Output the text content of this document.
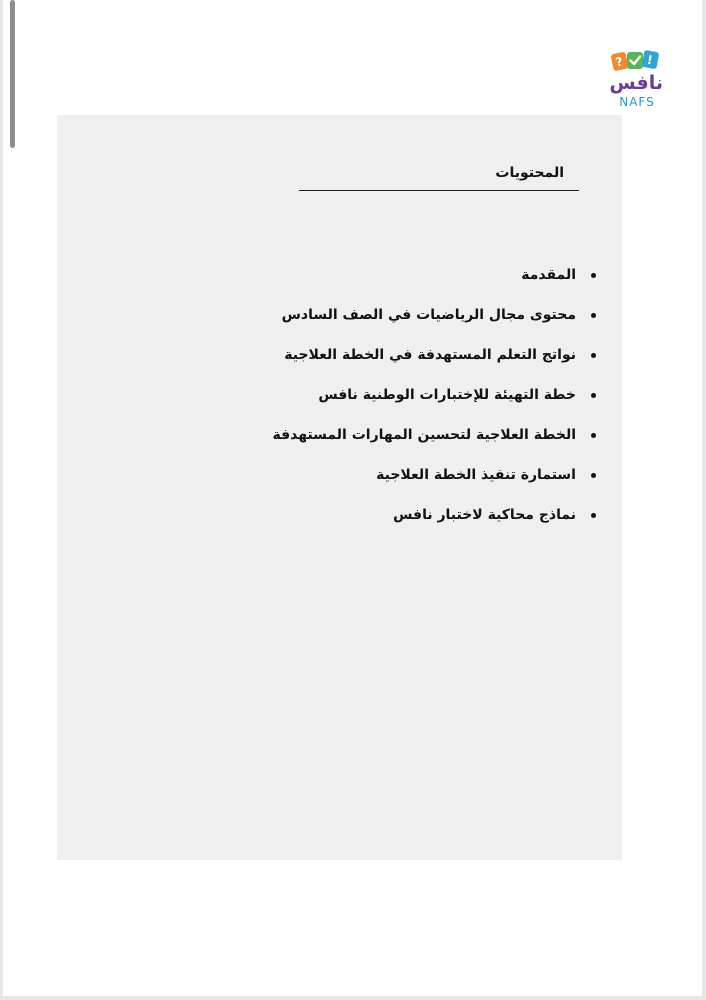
? !
نافس
NAFS
المحتويات
المقدمة
محتوى مجال الرياضيات في الصف السادس
نواتج التعلم المستهدفة في الخطة العلاجية
خطة التهيئة للإختبارات الوطنية نافس
الخطة العلاجية لتحسين المهارات المستهدفة
استمارة تنفيذ الخطة العلاجية
نماذج محاكية لاختبار نافس
